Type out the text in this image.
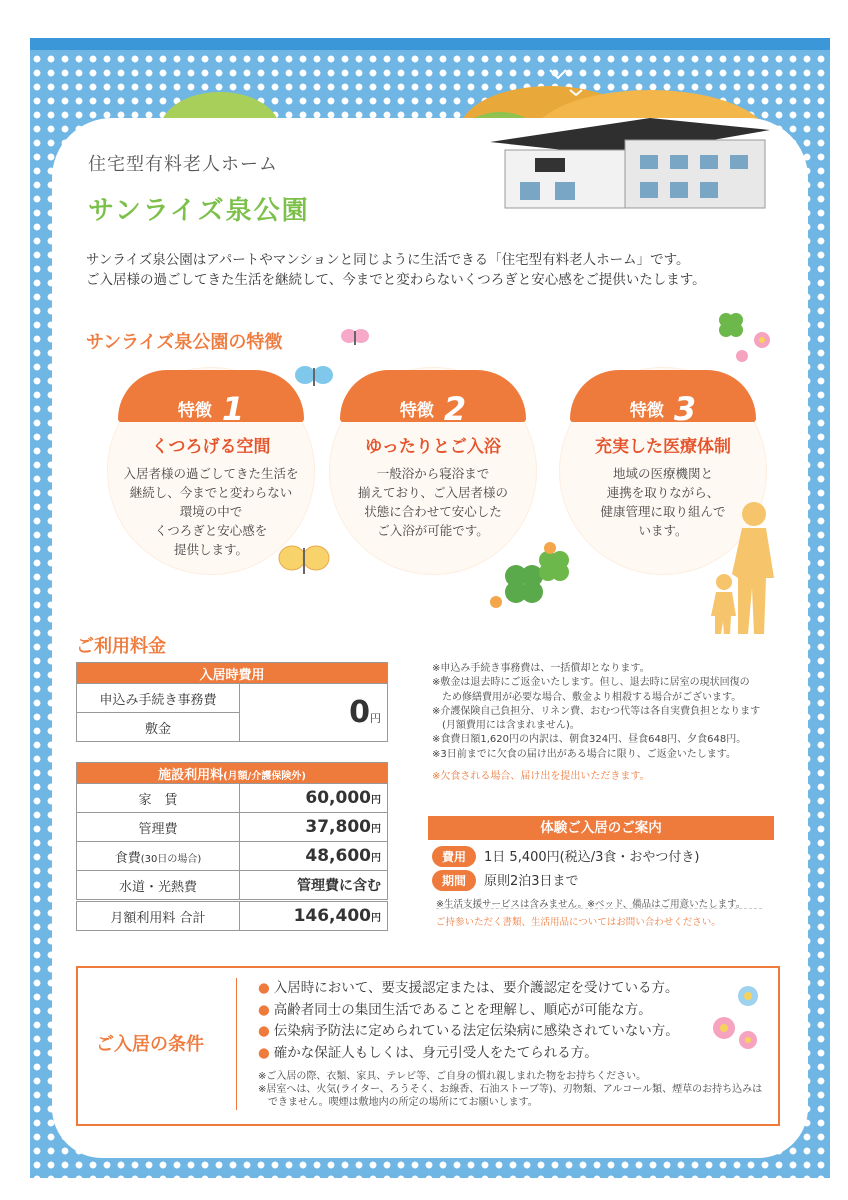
住宅型有料老人ホーム
サンライズ泉公園
サンライズ泉公園はアパートやマンションと同じように生活できる「住宅型有料老人ホーム」です。
ご入居様の過ごしてきた生活を継続して、今までと変わらないくつろぎと安心感をご提供いたします。
サンライズ泉公園の特徴
特徴 1	特徴 2	特徴 3
くつろげる空間	ゆったりとご入浴	充実した医療体制
入居者様の過ごしてきた生活を
継続し、今までと変わらない
環境の中で
くつろぎと安心感を
提供します。
一般浴から寝浴まで
揃えており、ご入居者様の
状態に合わせて安心した
ご入浴が可能です。
地域の医療機関と
連携を取りながら、
健康管理に取り組んで
います。
ご利用料金
入居時費用
申込み手続き事務費	0円
敷金
施設利用料(月額/介護保険外)	
家　賃	60,000円
管理費	37,800円
食費(30日の場合)	48,600円
水道・光熱費	管理費に含む
月額利用料 合計	146,400円
※申込み手続き事務費は、一括償却となります。
※敷金は退去時にご返金いたします。但し、退去時に居室の現状回復の
　ため修繕費用が必要な場合、敷金より相殺する場合がございます。
※介護保険自己負担分、リネン費、おむつ代等は各自実費負担となります
　(月額費用には含まれません)。
※食費日額1,620円の内訳は、朝食324円、昼食648円、夕食648円。
※3日前までに欠食の届け出がある場合に限り、ご返金いたします。
※欠食される場合、届け出を提出いただきます。
体験ご入居のご案内
費用 1日 5,400円(税込/3食・おやつ付き)
期間 原則2泊3日まで
※生活支援サービスは含みません。※ベッド、備品はご用意いたします。
ご持参いただく書類、生活用品についてはお問い合わせください。
ご入居の条件
● 入居時において、要支援認定または、要介護認定を受けている方。
● 高齢者同士の集団生活であることを理解し、順応が可能な方。
● 伝染病予防法に定められている法定伝染病に感染されていない方。
● 確かな保証人もしくは、身元引受人をたてられる方。
※ご入居の際、衣類、家具、テレビ等、ご自身の慣れ親しまれた物をお持ちください。
※居室へは、火気(ライター、ろうそく、お線香、石油ストーブ等)、刃物類、アルコール類、煙草のお持ち込みは
　できません。喫煙は敷地内の所定の場所にてお願いします。
